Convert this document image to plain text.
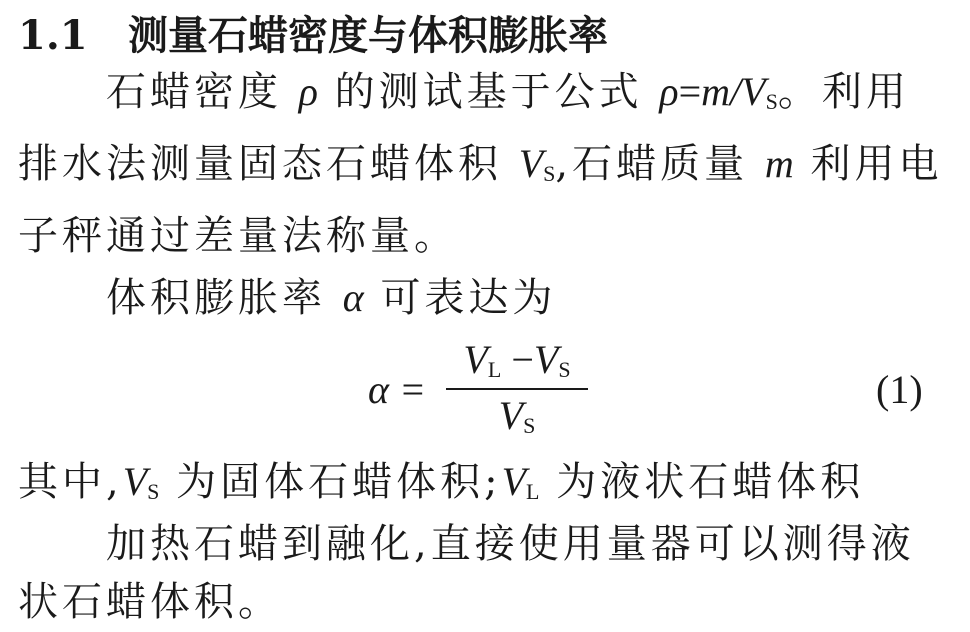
1.1 测量石蜡密度与体积膨胀率
石蜡密度 ρ 的测试基于公式 ρ=m/VS。利用
排水法测量固态石蜡体积 VS,石蜡质量 m 利用电
子秤通过差量法称量。
体积膨胀率 α 可表达为
α =
VL −VS
VS
(1)
其中,VS 为固体石蜡体积;VL 为液状石蜡体积
加热石蜡到融化,直接使用量器可以测得液
状石蜡体积。
